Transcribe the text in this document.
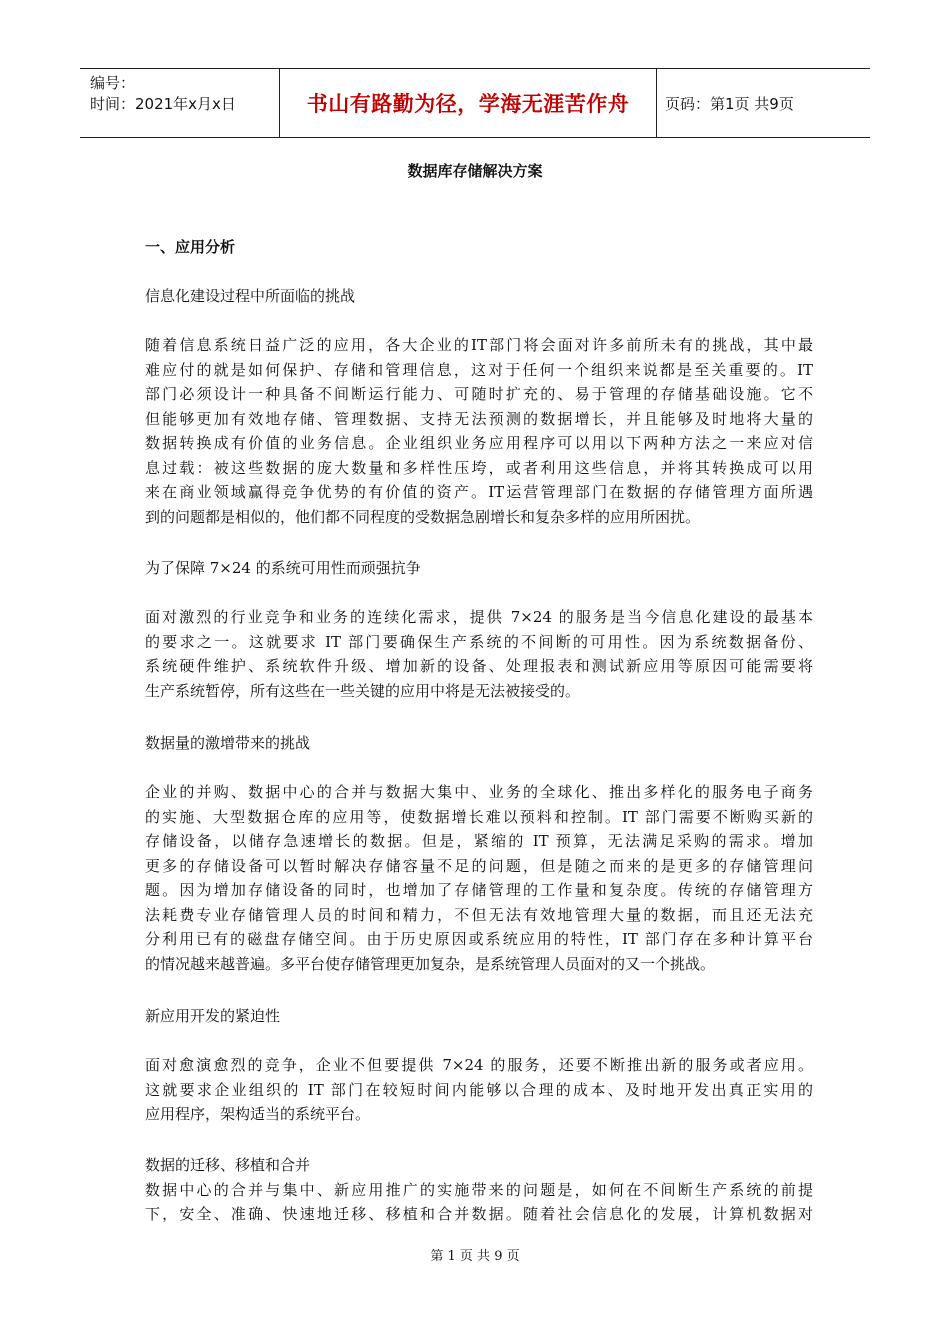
编号：
时间：2021年x月x日	书山有路勤为径，学海无涯苦作舟	页码：第1页 共9页
数据库存储解决方案
一、应用分析
信息化建设过程中所面临的挑战
随着信息系统日益广泛的应用，各大企业的IT部门将会面对许多前所未有的挑战，其中最
难应付的就是如何保护、存储和管理信息，这对于任何一个组织来说都是至关重要的。IT
部门必须设计一种具备不间断运行能力、可随时扩充的、易于管理的存储基础设施。它不
但能够更加有效地存储、管理数据、支持无法预测的数据增长，并且能够及时地将大量的
数据转换成有价值的业务信息。企业组织业务应用程序可以用以下两种方法之一来应对信
息过载：被这些数据的庞大数量和多样性压垮，或者利用这些信息，并将其转换成可以用
来在商业领域赢得竞争优势的有价值的资产。IT运营管理部门在数据的存储管理方面所遇
到的问题都是相似的，他们都不同程度的受数据急剧增长和复杂多样的应用所困扰。
为了保障 7×24 的系统可用性而顽强抗争
面对激烈的行业竞争和业务的连续化需求，提供 7×24 的服务是当今信息化建设的最基本
的要求之一。这就要求 IT 部门要确保生产系统的不间断的可用性。因为系统数据备份、
系统硬件维护、系统软件升级、增加新的设备、处理报表和测试新应用等原因可能需要将
生产系统暂停，所有这些在一些关键的应用中将是无法被接受的。
数据量的激增带来的挑战
企业的并购、数据中心的合并与数据大集中、业务的全球化、推出多样化的服务电子商务
的实施、大型数据仓库的应用等，使数据增长难以预料和控制。IT 部门需要不断购买新的
存储设备，以储存急速增长的数据。但是，紧缩的 IT 预算，无法满足采购的需求。增加
更多的存储设备可以暂时解决存储容量不足的问题，但是随之而来的是更多的存储管理问
题。因为增加存储设备的同时，也增加了存储管理的工作量和复杂度。传统的存储管理方
法耗费专业存储管理人员的时间和精力，不但无法有效地管理大量的数据，而且还无法充
分利用已有的磁盘存储空间。由于历史原因或系统应用的特性，IT 部门存在多种计算平台
的情况越来越普遍。多平台使存储管理更加复杂，是系统管理人员面对的又一个挑战。
新应用开发的紧迫性
面对愈演愈烈的竞争，企业不但要提供 7×24 的服务，还要不断推出新的服务或者应用。
这就要求企业组织的 IT 部门在较短时间内能够以合理的成本、及时地开发出真正实用的
应用程序，架构适当的系统平台。
数据的迁移、移植和合并
数据中心的合并与集中、新应用推广的实施带来的问题是，如何在不间断生产系统的前提
下，安全、准确、快速地迁移、移植和合并数据。随着社会信息化的发展，计算机数据对
第 1 页 共 9 页
